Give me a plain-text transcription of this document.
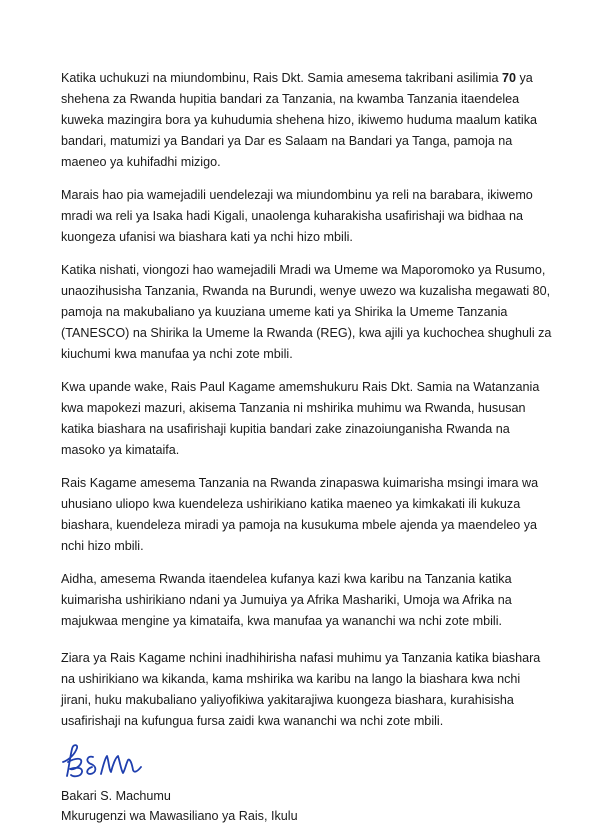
Katika uchukuzi na miundombinu, Rais Dkt. Samia amesema takribani asilimia 70 ya shehena za Rwanda hupitia bandari za Tanzania, na kwamba Tanzania itaendelea kuweka mazingira bora ya kuhudumia shehena hizo, ikiwemo huduma maalum katika bandari, matumizi ya Bandari ya Dar es Salaam na Bandari ya Tanga, pamoja na maeneo ya kuhifadhi mizigo.

Marais hao pia wamejadili uendelezaji wa miundombinu ya reli na barabara, ikiwemo mradi wa reli ya Isaka hadi Kigali, unaolenga kuharakisha usafirishaji wa bidhaa na kuongeza ufanisi wa biashara kati ya nchi hizo mbili.

Katika nishati, viongozi hao wamejadili Mradi wa Umeme wa Maporomoko ya Rusumo, unaozihusisha Tanzania, Rwanda na Burundi, wenye uwezo wa kuzalisha megawati 80, pamoja na makubaliano ya kuuziana umeme kati ya Shirika la Umeme Tanzania (TANESCO) na Shirika la Umeme la Rwanda (REG), kwa ajili ya kuchochea shughuli za kiuchumi kwa manufaa ya nchi zote mbili.

Kwa upande wake, Rais Paul Kagame amemshukuru Rais Dkt. Samia na Watanzania kwa mapokezi mazuri, akisema Tanzania ni mshirika muhimu wa Rwanda, hususan katika biashara na usafirishaji kupitia bandari zake zinazoiunganisha Rwanda na masoko ya kimataifa.

Rais Kagame amesema Tanzania na Rwanda zinapaswa kuimarisha msingi imara wa uhusiano uliopo kwa kuendeleza ushirikiano katika maeneo ya kimkakati ili kukuza biashara, kuendeleza miradi ya pamoja na kusukuma mbele ajenda ya maendeleo ya nchi hizo mbili.

Aidha, amesema Rwanda itaendelea kufanya kazi kwa karibu na Tanzania katika kuimarisha ushirikiano ndani ya Jumuiya ya Afrika Mashariki, Umoja wa Afrika na majukwaa mengine ya kimataifa, kwa manufaa ya wananchi wa nchi zote mbili.

Ziara ya Rais Kagame nchini inadhihirisha nafasi muhimu ya Tanzania katika biashara na ushirikiano wa kikanda, kama mshirika wa karibu na lango la biashara kwa nchi jirani, huku makubaliano yaliyofikiwa yakitarajiwa kuongeza biashara, kurahisisha usafirishaji na kufungua fursa zaidi kwa wananchi wa nchi zote mbili.

Bakari S. Machumu

Mkurugenzi wa Mawasiliano ya Rais, Ikulu
